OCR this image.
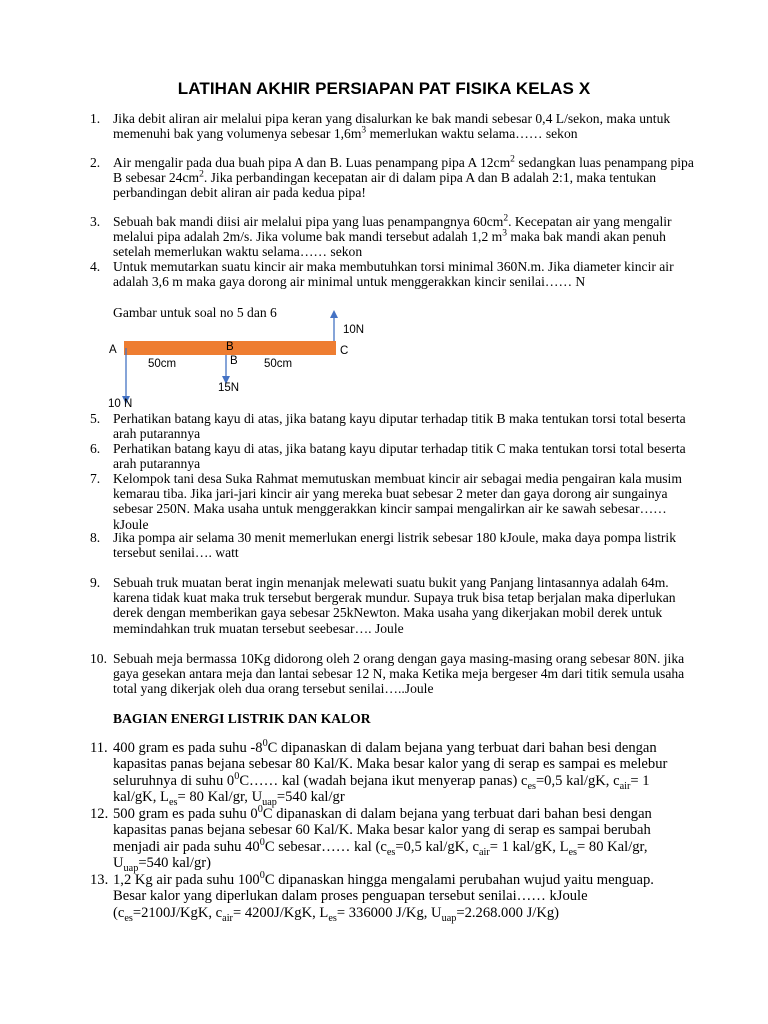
LATIHAN AKHIR PERSIAPAN PAT FISIKA KELAS X
1. Jika debit aliran air melalui pipa keran yang disalurkan ke bak mandi sebesar 0,4 L/sekon, maka untuk memenuhi bak yang volumenya sebesar $1,6m^3$ memerlukan waktu selama…… sekon
2. Air mengalir pada dua buah pipa A dan B. Luas penampang pipa A $12cm^2$ sedangkan luas penampang pipa B sebesar $24cm^2$. Jika perbandingan kecepatan air di dalam pipa A dan B adalah 2:1, maka tentukan perbandingan debit aliran air pada kedua pipa!
3. Sebuah bak mandi diisi air melalui pipa yang luas penampangnya $60cm^2$. Kecepatan air yang mengalir melalui pipa adalah 2m/s. Jika volume bak mandi tersebut adalah 1,2 $m^3$ maka bak mandi akan penuh setelah memerlukan waktu selama…… sekon
4. Untuk memutarkan suatu kincir air maka membutuhkan torsi minimal 360N.m. Jika diameter kincir air adalah 3,6 m maka gaya dorong air minimal untuk menggerakkan kincir senilai…… N
Gambar untuk soal no 5 dan 6
A	B
B
C
50cm	50cm
10N
15N
10 N
5. Perhatikan batang kayu di atas, jika batang kayu diputar terhadap titik B maka tentukan torsi total beserta arah putarannya
6. Perhatikan batang kayu di atas, jika batang kayu diputar terhadap titik C maka tentukan torsi total beserta arah putarannya
7. Kelompok tani desa Suka Rahmat memutuskan membuat kincir air sebagai media pengairan kala musim kemarau tiba. Jika jari-jari kincir air yang mereka buat sebesar 2 meter dan gaya dorong air sungainya sebesar 250N. Maka usaha untuk menggerakkan kincir sampai mengalirkan air ke sawah sebesar…… kJoule
8. Jika pompa air selama 30 menit memerlukan energi listrik sebesar 180 kJoule, maka daya pompa listrik tersebut senilai…. watt
9. Sebuah truk muatan berat ingin menanjak melewati suatu bukit yang Panjang lintasannya adalah 64m. karena tidak kuat maka truk tersebut bergerak mundur. Supaya truk bisa tetap berjalan maka diperlukan derek dengan memberikan gaya sebesar 25kNewton. Maka usaha yang dikerjakan mobil derek untuk memindahkan truk muatan tersebut seebesar…. Joule
10. Sebuah meja bermassa 10Kg didorong oleh 2 orang dengan gaya masing-masing orang sebesar 80N. jika gaya gesekan antara meja dan lantai sebesar 12 N, maka Ketika meja bergeser 4m dari titik semula usaha total yang dikerjak oleh dua orang tersebut senilai…..Joule
BAGIAN ENERGI LISTRIK DAN KALOR
11. 400 gram es pada suhu $-8^0C$ dipanaskan di dalam bejana yang terbuat dari bahan besi dengan kapasitas panas bejana sebesar 80 Kal/K. Maka besar kalor yang di serap es sampai es melebur seluruhnya di suhu $0^0C\dots\dots$ kal (wadah bejana ikut menyerap panas) $c_{es}=0,5$ kal/gK, $c_{air}= 1$ kal/gK, $L_{es}= 80$ Kal/gr, $U_{uap}=540$ kal/gr
12. 500 gram es pada suhu $0^0C$ dipanaskan di dalam bejana yang terbuat dari bahan besi dengan kapasitas panas bejana sebesar 60 Kal/K. Maka besar kalor yang di serap es sampai berubah menjadi air pada suhu $40^0C$ sebesar…… kal ($c_{es}=0,5$ kal/gK, $c_{air}= 1$ kal/gK, $L_{es}= 80$ Kal/gr, $U_{uap}=540$ kal/gr)
13. 1,2 Kg air pada suhu $100^0C$ dipanaskan hingga mengalami perubahan wujud yaitu menguap. Besar kalor yang diperlukan dalam proses penguapan tersebut senilai…… kJoule ($c_{es}=2100J$/KgK, $c_{air}= 4200J/KgK$, $L_{es}= 336000$ J/Kg, $U_{uap}=2.268.000$ J/Kg)
